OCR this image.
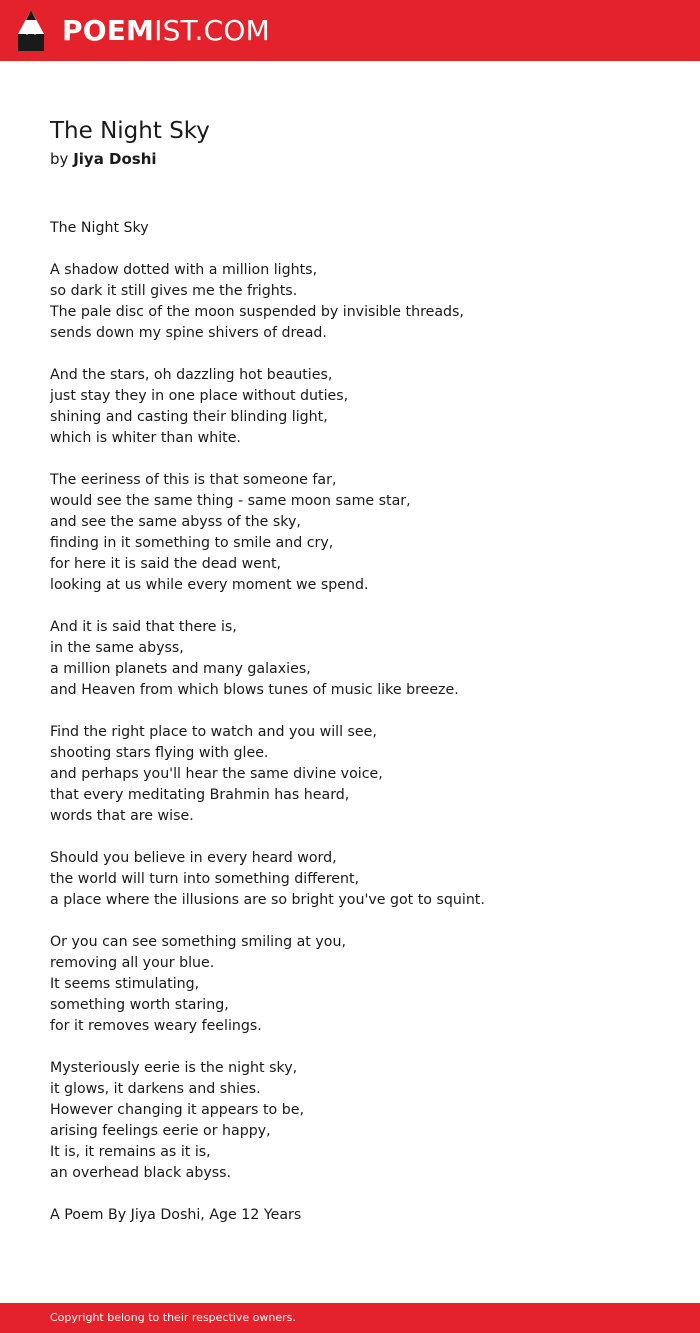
POEMIST.COM
The Night Sky
by Jiya Doshi
The Night Sky
A shadow dotted with a million lights,
so dark it still gives me the frights.
The pale disc of the moon suspended by invisible threads,
sends down my spine shivers of dread.
And the stars, oh dazzling hot beauties,
just stay they in one place without duties,
shining and casting their blinding light,
which is whiter than white.
The eeriness of this is that someone far,
would see the same thing - same moon same star,
and see the same abyss of the sky,
finding in it something to smile and cry,
for here it is said the dead went,
looking at us while every moment we spend.
And it is said that there is,
in the same abyss,
a million planets and many galaxies,
and Heaven from which blows tunes of music like breeze.
Find the right place to watch and you will see,
shooting stars flying with glee.
and perhaps you'll hear the same divine voice,
that every meditating Brahmin has heard,
words that are wise.
Should you believe in every heard word,
the world will turn into something different,
a place where the illusions are so bright you've got to squint.
Or you can see something smiling at you,
removing all your blue.
It seems stimulating,
something worth staring,
for it removes weary feelings.
Mysteriously eerie is the night sky,
it glows, it darkens and shies.
However changing it appears to be,
arising feelings eerie or happy,
It is, it remains as it is,
an overhead black abyss.
A Poem By Jiya Doshi, Age 12 Years
Copyright belong to their respective owners.
